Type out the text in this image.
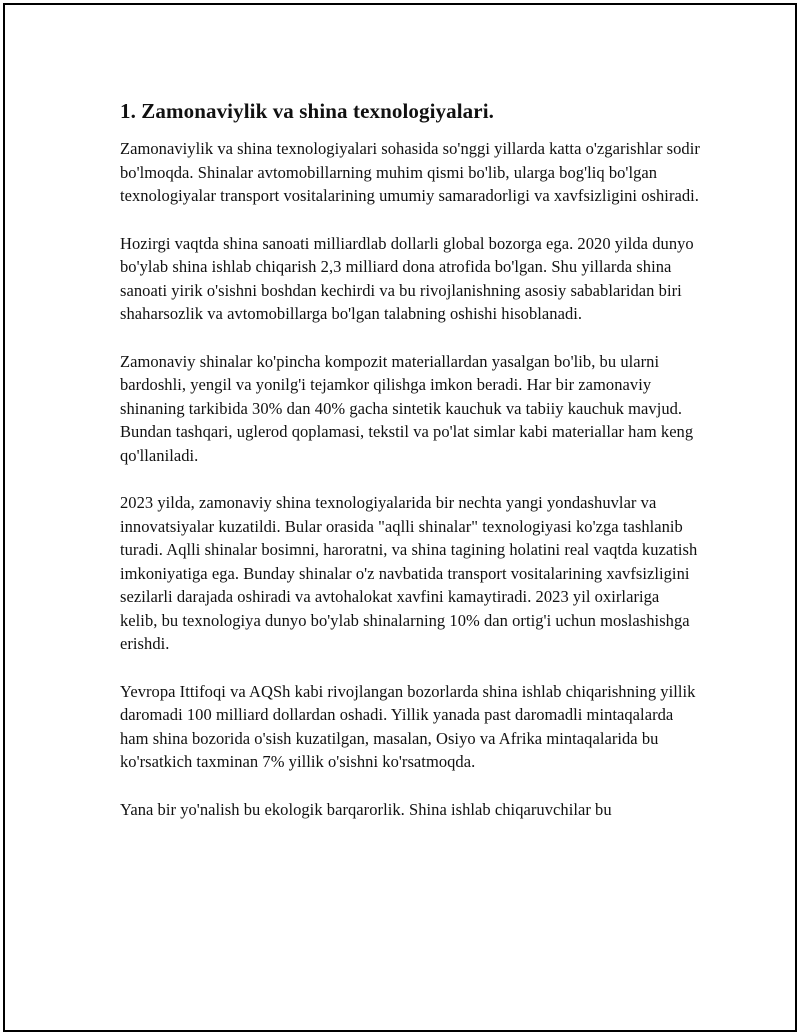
1. Zamonaviylik va shina texnologiyalari.

Zamonaviylik va shina texnologiyalari sohasida so'nggi yillarda katta o'zgarishlar sodir bo'lmoqda. Shinalar avtomobillarning muhim qismi bo'lib, ularga bog'liq bo'lgan texnologiyalar transport vositalarining umumiy samaradorligi va xavfsizligini oshiradi.

Hozirgi vaqtda shina sanoati milliardlab dollarli global bozorga ega. 2020 yilda dunyo bo'ylab shina ishlab chiqarish 2,3 milliard dona atrofida bo'lgan. Shu yillarda shina sanoati yirik o'sishni boshdan kechirdi va bu rivojlanishning asosiy sabablaridan biri shaharsozlik va avtomobillarga bo'lgan talabning oshishi hisoblanadi.

Zamonaviy shinalar ko'pincha kompozit materiallardan yasalgan bo'lib, bu ularni bardoshli, yengil va yonilg'i tejamkor qilishga imkon beradi. Har bir zamonaviy shinaning tarkibida 30% dan 40% gacha sintetik kauchuk va tabiiy kauchuk mavjud. Bundan tashqari, uglerod qoplamasi, tekstil va po'lat simlar kabi materiallar ham keng qo'llaniladi.

2023 yilda, zamonaviy shina texnologiyalarida bir nechta yangi yondashuvlar va innovatsiyalar kuzatildi. Bular orasida "aqlli shinalar" texnologiyasi ko'zga tashlanib turadi. Aqlli shinalar bosimni, haroratni, va shina tagining holatini real vaqtda kuzatish imkoniyatiga ega. Bunday shinalar o'z navbatida transport vositalarining xavfsizligini sezilarli darajada oshiradi va avtohalokat xavfini kamaytiradi. 2023 yil oxirlariga kelib, bu texnologiya dunyo bo'ylab shinalarning 10% dan ortig'i uchun moslashishga erishdi.

Yevropa Ittifoqi va AQSh kabi rivojlangan bozorlarda shina ishlab chiqarishning yillik daromadi 100 milliard dollardan oshadi. Yillik yanada past daromadli mintaqalarda ham shina bozorida o'sish kuzatilgan, masalan, Osiyo va Afrika mintaqalarida bu ko'rsatkich taxminan 7% yillik o'sishni ko'rsatmoqda.

Yana bir yo'nalish bu ekologik barqarorlik. Shina ishlab chiqaruvchilar bu
